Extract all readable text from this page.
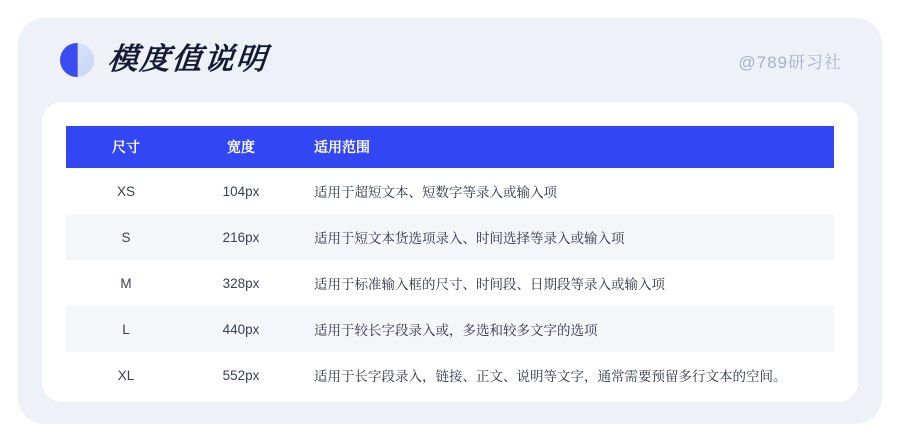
模度值说明	@789研习社
尺寸	宽度	适用范围
XS	104px	适用于超短文本、短数字等录入或输入项
S	216px	适用于短文本货选项录入、时间选择等录入或输入项
M	328px	适用于标准输入框的尺寸、时间段、日期段等录入或输入项
L	440px	适用于较长字段录入或，多选和较多文字的选项
XL	552px	适用于长字段录入，链接、正文、说明等文字，通常需要预留多行文本的空间。
